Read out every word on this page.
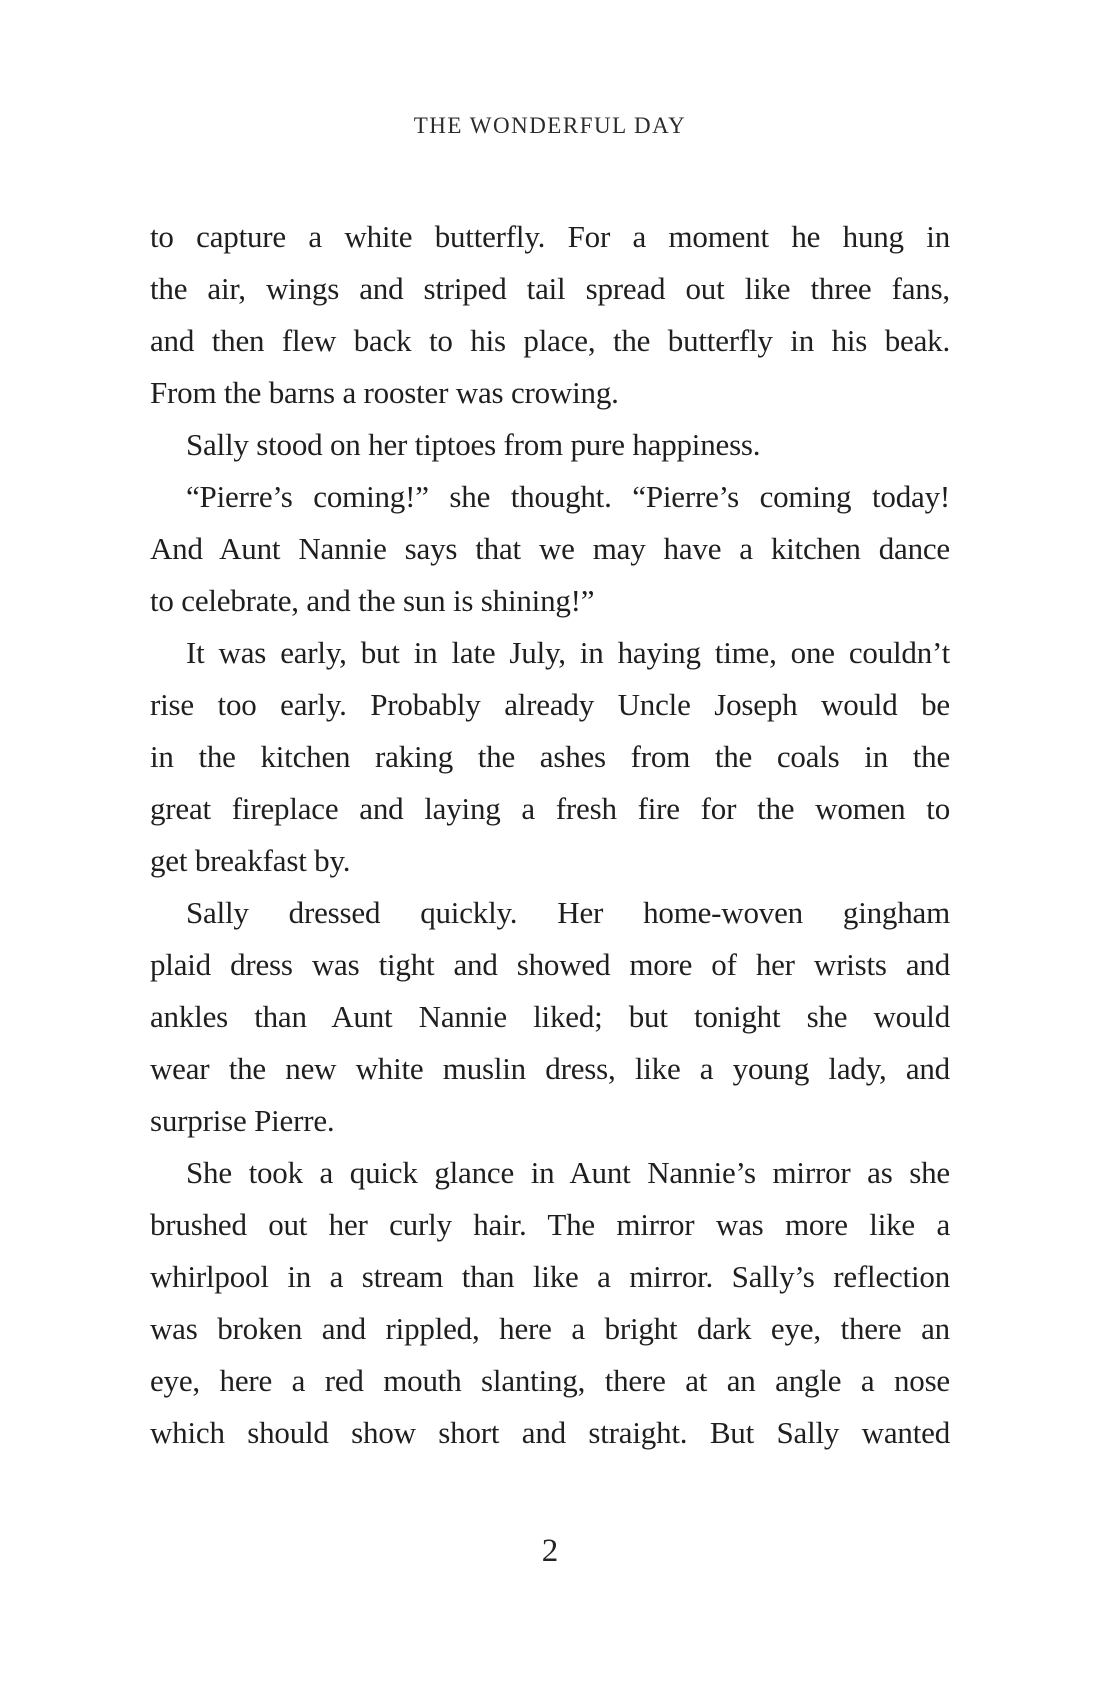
THE WONDERFUL DAY
to capture a white butterfly. For a moment he hung in
the air, wings and striped tail spread out like three fans,
and then flew back to his place, the butterfly in his beak.
From the barns a rooster was crowing.
Sally stood on her tiptoes from pure happiness.
“Pierre’s coming!” she thought. “Pierre’s coming today!
And Aunt Nannie says that we may have a kitchen dance
to celebrate, and the sun is shining!”
It was early, but in late July, in haying time, one couldn’t
rise too early. Probably already Uncle Joseph would be
in the kitchen raking the ashes from the coals in the
great fireplace and laying a fresh fire for the women to
get breakfast by.
Sally dressed quickly. Her home-woven gingham
plaid dress was tight and showed more of her wrists and
ankles than Aunt Nannie liked; but tonight she would
wear the new white muslin dress, like a young lady, and
surprise Pierre.
She took a quick glance in Aunt Nannie’s mirror as she
brushed out her curly hair. The mirror was more like a
whirlpool in a stream than like a mirror. Sally’s reflection
was broken and rippled, here a bright dark eye, there an
eye, here a red mouth slanting, there at an angle a nose
which should show short and straight. But Sally wanted
2
